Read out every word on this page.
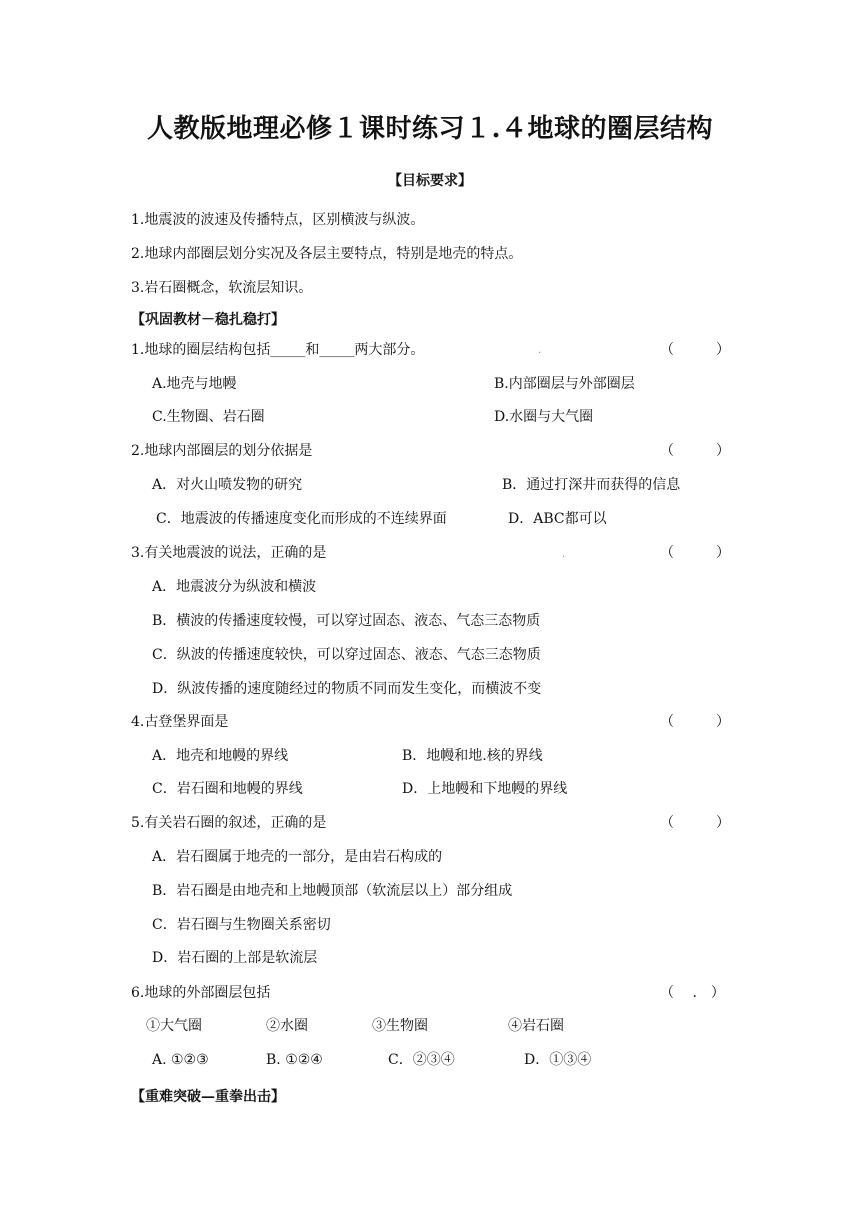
人教版地理必修１课时练习１.４地球的圈层结构
【目标要求】
1.地震波的波速及传播特点，区别横波与纵波。
2.地球内部圈层划分实况及各层主要特点，特别是地壳的特点。
3.岩石圈概念，软流层知识。
【巩固教材－稳扎稳打】
1.地球的圈层结构包括_____和_____两大部分。	.	（　　　）
A.地壳与地幔	B.内部圈层与外部圈层
C.生物圈、岩石圈	D.水圈与大气圈
2.地球内部圈层的划分依据是	（　　　）
A．对火山喷发物的研究	B．通过打深井而获得的信息
C．地震波的传播速度变化而形成的不连续界面	D．ABC都可以
3.有关地震波的说法，正确的是	.	（　　　）
A．地震波分为纵波和横波
B．横波的传播速度较慢，可以穿过固态、液态、气态三态物质
C．纵波的传播速度较快，可以穿过固态、液态、气态三态物质
D．纵波传播的速度随经过的物质不同而发生变化，而横波不变
4.古登堡界面是	（　　　）
A．地壳和地幔的界线	B．地幔和地.核的界线
C．岩石圈和地幔的界线	D．上地幔和下地幔的界线
5.有关岩石圈的叙述，正确的是	（　　　）
A．岩石圈属于地壳的一部分，是由岩石构成的
B．岩石圈是由地壳和上地幔顶部（软流层以上）部分组成
C．岩石圈与生物圈关系密切
D．岩石圈的上部是软流层
6.地球的外部圈层包括	（　 .　）
①大气圈	②水圈	③生物圈	④岩石圈
A. ①②③	B. ①②④	C．②③④	D．①③④
【重难突破—重拳出击】
